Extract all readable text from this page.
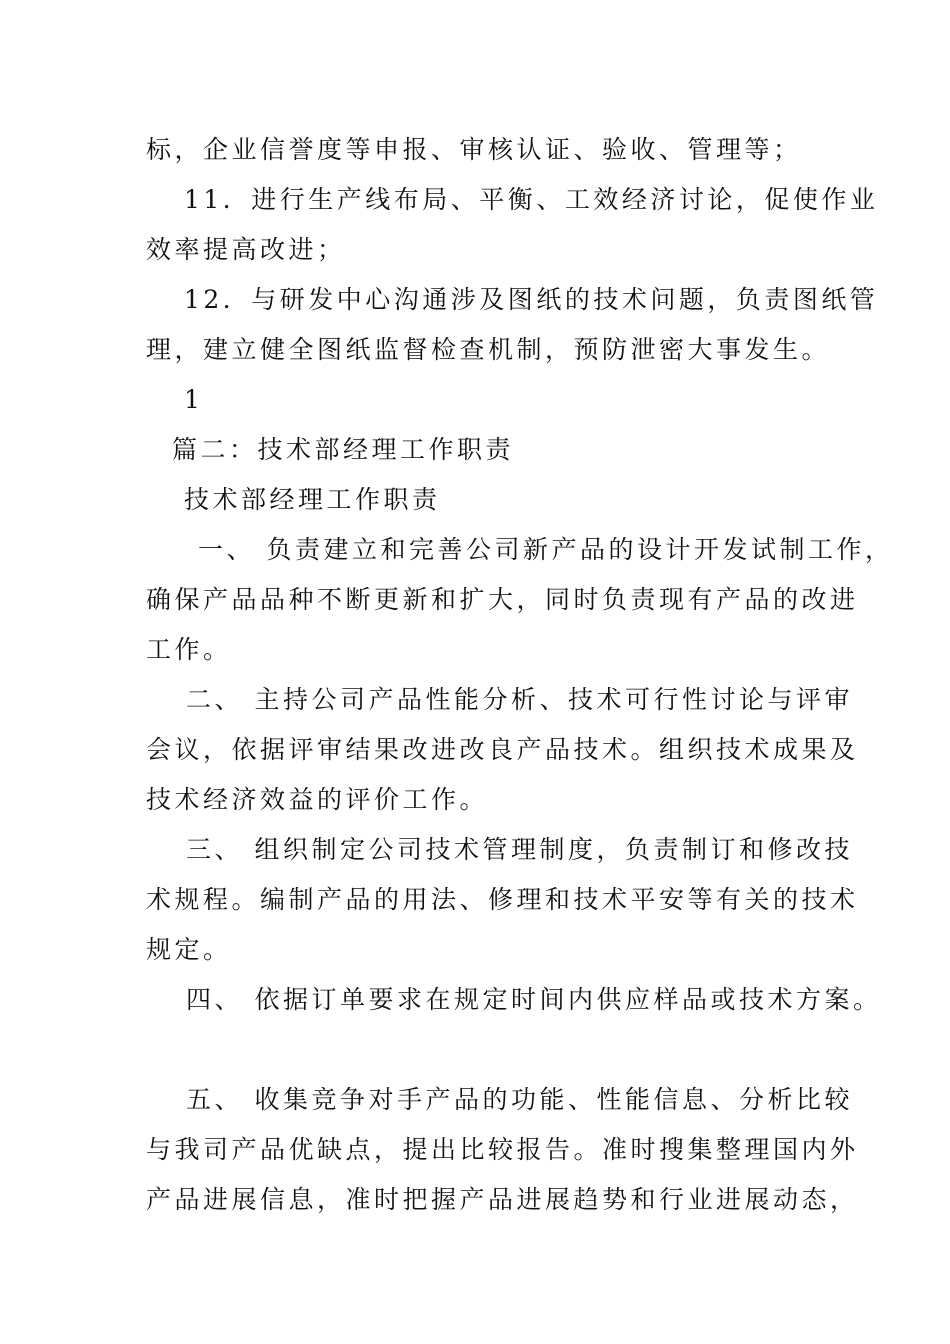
标，企业信誉度等申报、审核认证、验收、管理等；
11．进行生产线布局、平衡、工效经济讨论，促使作业
效率提高改进；
12．与研发中心沟通涉及图纸的技术问题，负责图纸管
理，建立健全图纸监督检查机制，预防泄密大事发生。
1
篇二：技术部经理工作职责
技术部经理工作职责
一、 负责建立和完善公司新产品的设计开发试制工作，
确保产品品种不断更新和扩大，同时负责现有产品的改进
工作。
二、 主持公司产品性能分析、技术可行性讨论与评审
会议，依据评审结果改进改良产品技术。组织技术成果及
技术经济效益的评价工作。
三、 组织制定公司技术管理制度，负责制订和修改技
术规程。编制产品的用法、修理和技术平安等有关的技术
规定。
四、 依据订单要求在规定时间内供应样品或技术方案。
五、 收集竞争对手产品的功能、性能信息、分析比较
与我司产品优缺点，提出比较报告。准时搜集整理国内外
产品进展信息，准时把握产品进展趋势和行业进展动态，
